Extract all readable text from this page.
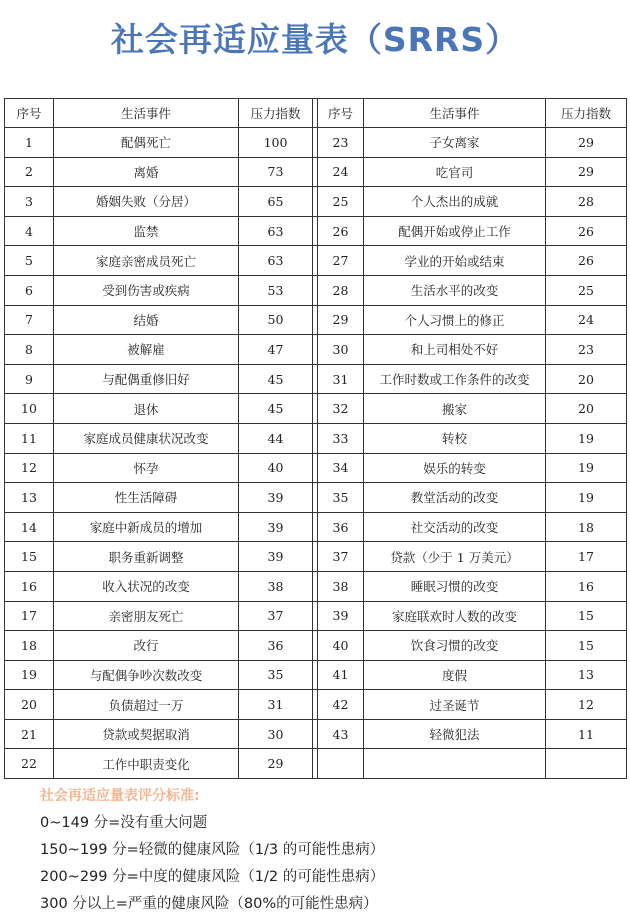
社会再适应量表（SRRS）
序号	生活事件	压力指数		序号	生活事件	压力指数
1	配偶死亡	100		23	子女离家	29
2	离婚	73		24	吃官司	29
3	婚姻失败（分居）	65		25	个人杰出的成就	28
4	监禁	63		26	配偶开始或停止工作	26
5	家庭亲密成员死亡	63		27	学业的开始或结束	26
6	受到伤害或疾病	53		28	生活水平的改变	25
7	结婚	50		29	个人习惯上的修正	24
8	被解雇	47		30	和上司相处不好	23
9	与配偶重修旧好	45		31	工作时数或工作条件的改变	20
10	退休	45		32	搬家	20
11	家庭成员健康状况改变	44		33	转校	19
12	怀孕	40		34	娱乐的转变	19
13	性生活障碍	39		35	教堂活动的改变	19
14	家庭中新成员的增加	39		36	社交活动的改变	18
15	职务重新调整	39		37	贷款（少于 1 万美元）	17
16	收入状况的改变	38		38	睡眠习惯的改变	16
17	亲密朋友死亡	37		39	家庭联欢时人数的改变	15
18	改行	36		40	饮食习惯的改变	15
19	与配偶争吵次数改变	35		41	度假	13
20	负债超过一万	31		42	过圣诞节	12
21	贷款或契据取消	30		43	轻微犯法	11
22	工作中职责变化	29				
社会再适应量表评分标准:
0~149 分=没有重大问题
150~199 分=轻微的健康风险（1/3 的可能性患病）
200~299 分=中度的健康风险（1/2 的可能性患病）
300 分以上=严重的健康风险（80%的可能性患病）
